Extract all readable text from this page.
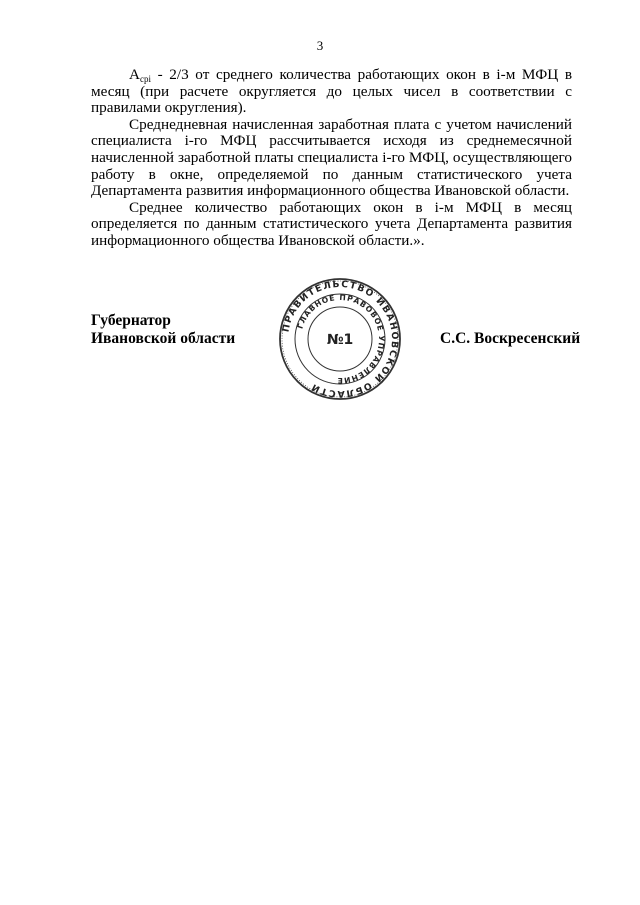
3

$A_{срi} - 2/3$ от среднего количества работающих окон в i-м МФЦ в месяц (при расчете округляется до целых чисел в соответствии с правилами округления).

Среднедневная начисленная заработная плата с учетом начислений специалиста i-го МФЦ рассчитывается исходя из среднемесячной начисленной заработной платы специалиста i-го МФЦ, осуществляющего работу в окне, определяемой по данным статистического учета Департамента развития информационного общества Ивановской области.

Среднее количество работающих окон в i-м МФЦ в месяц определяется по данным статистического учета Департамента развития информационного общества Ивановской области.».

Губернатор
Ивановской области
ПРАВИТЕЛЬСТВО ИВАНОВСКОЙ ОБЛАСТИ
ГЛАВНОЕ ПРАВОВОЕ УПРАВЛЕНИЕ
№1	С.С. Воскресенский
